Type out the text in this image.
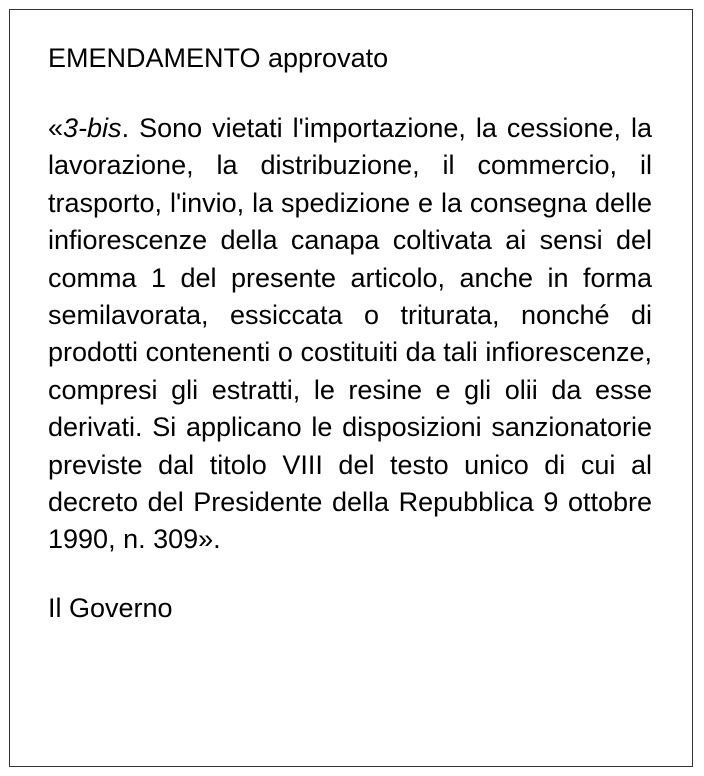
EMENDAMENTO approvato

«3-bis. Sono vietati l'importazione, la cessione, la lavorazione, la distribuzione, il commercio, il trasporto, l'invio, la spedizione e la consegna delle infiorescenze della canapa coltivata ai sensi del comma 1 del presente articolo, anche in forma semilavorata, essiccata o triturata, nonché di prodotti contenenti o costituiti da tali infiorescenze, compresi gli estratti, le resine e gli olii da esse derivati. Si applicano le disposizioni sanzionatorie previste dal titolo VIII del testo unico di cui al decreto del Presidente della Repubblica 9 ottobre 1990, n. 309».

Il Governo
